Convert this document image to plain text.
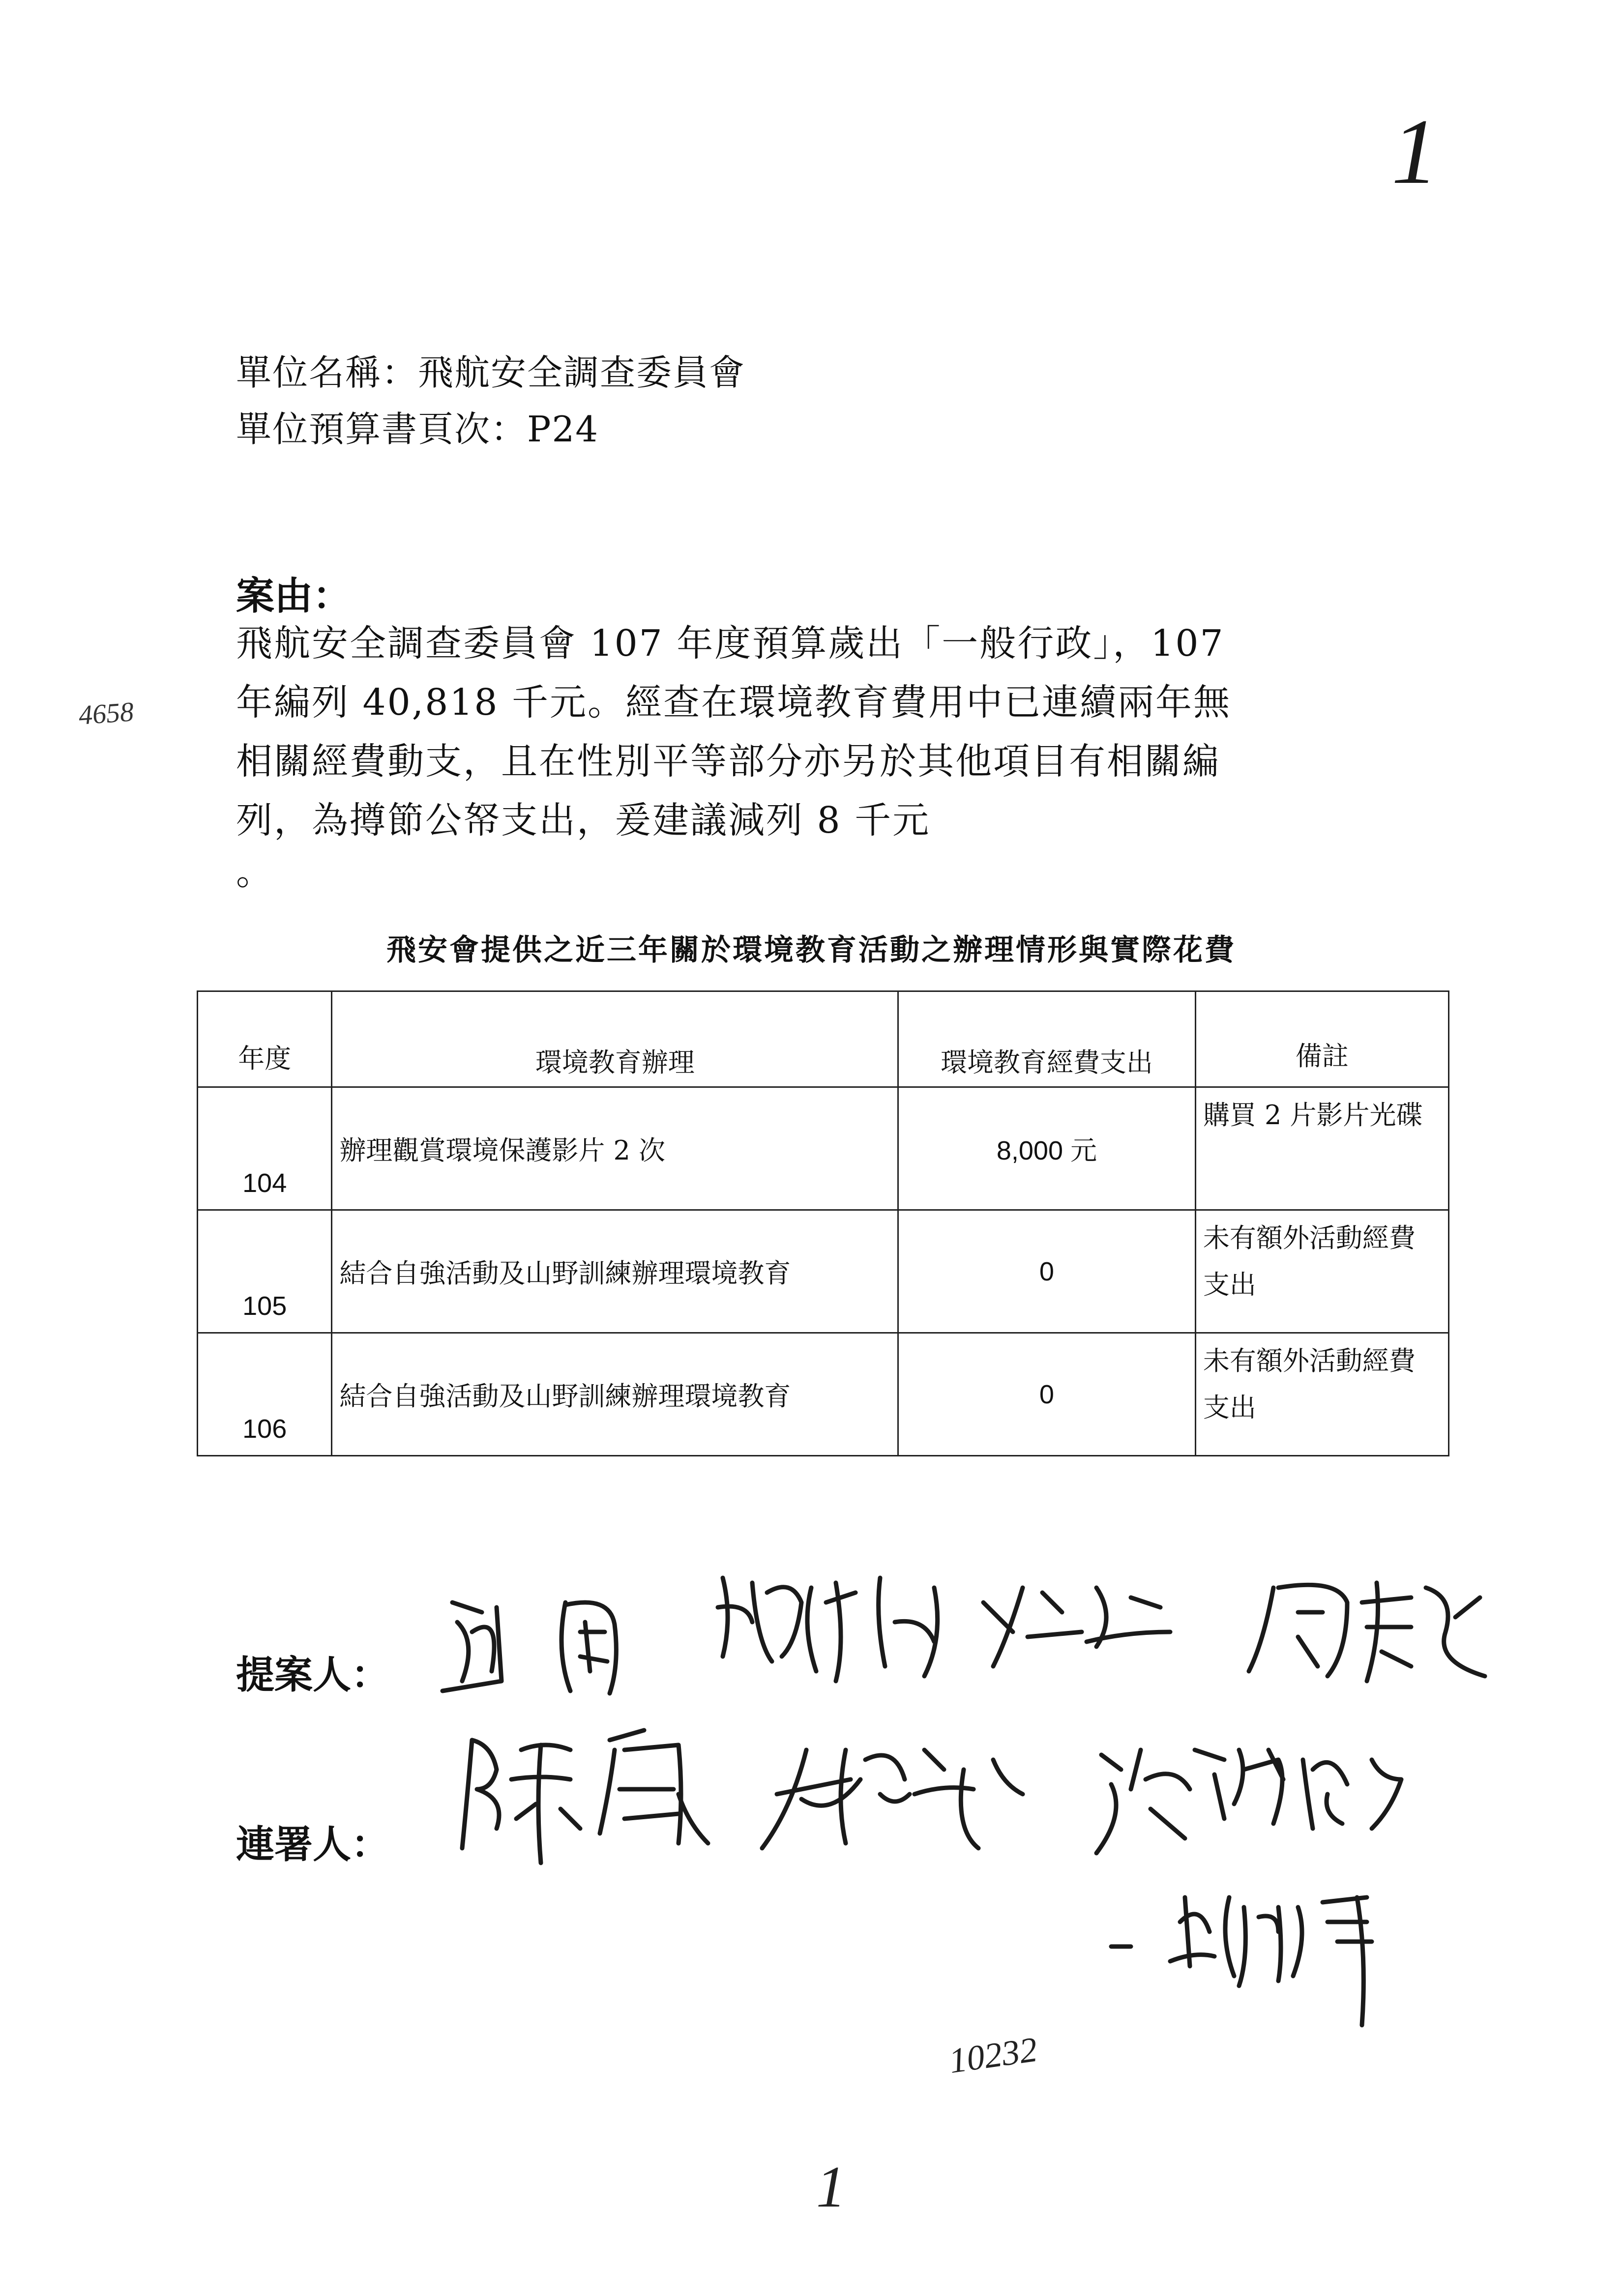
1
單位名稱：飛航安全調查委員會
單位預算書頁次：P24
案由：
飛航安全調查委員會 107 年度預算歲出「一般行政」，107
年編列 40,818 千元。經查在環境教育費用中已連續兩年無
相關經費動支，且在性別平等部分亦另於其他項目有相關編
列，為撙節公帑支出，爰建議減列 8 千元
。
4658
飛安會提供之近三年關於環境教育活動之辦理情形與實際花費
年度	環境教育辦理	環境教育經費支出	備註
104	辦理觀賞環境保護影片 2 次	8,000 元	購買 2 片影片光碟
105	結合自強活動及山野訓練辦理環境教育	0	未有額外活動經費支出
106	結合自強活動及山野訓練辦理環境教育	0	未有額外活動經費支出
提案人：
連署人：
10232
1
